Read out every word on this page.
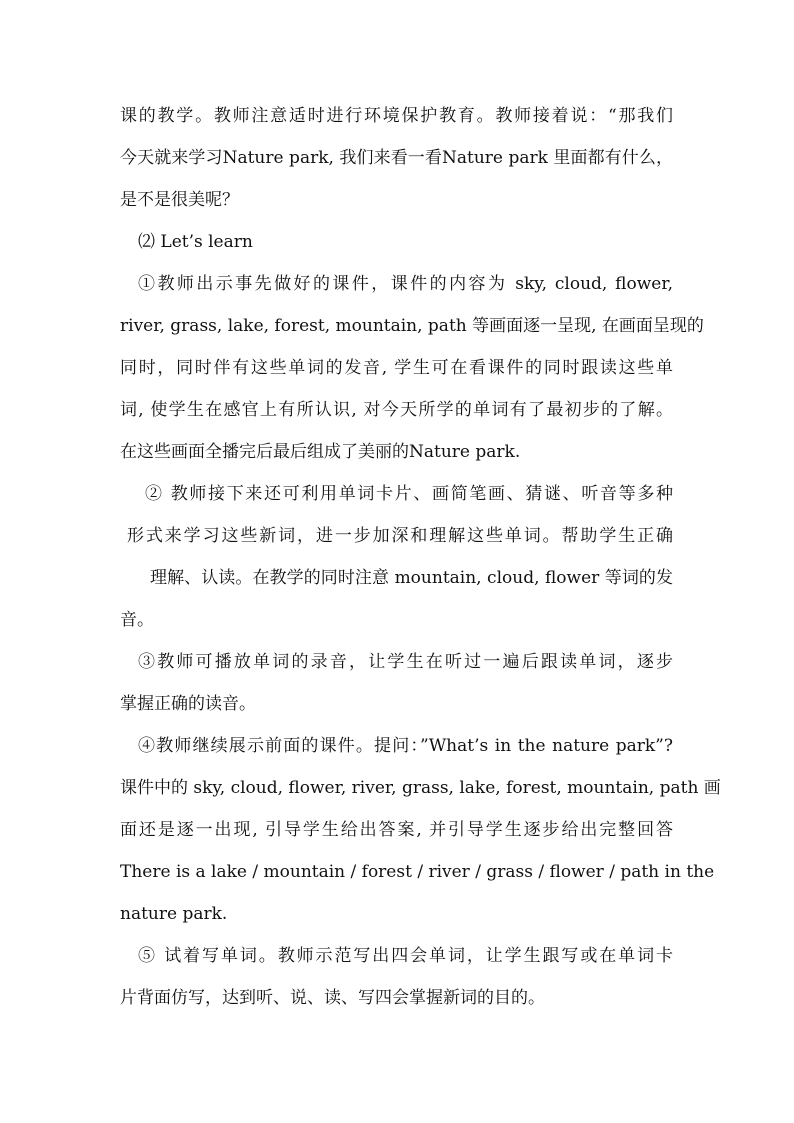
课的教学。教师注意适时进行环境保护教育。教师接着说：“那我们
今天就来学习Nature park, 我们来看一看Nature park 里面都有什么，
是不是很美呢？
⑵ Let’s learn
①教师出示事先做好的课件，课件的内容为 sky, cloud, flower,
river, grass, lake, forest, mountain, path 等画面逐一呈现, 在画面呈现的
同时，同时伴有这些单词的发音, 学生可在看课件的同时跟读这些单
词, 使学生在感官上有所认识, 对今天所学的单词有了最初步的了解。
在这些画面全播完后最后组成了美丽的Nature park.
② 教师接下来还可利用单词卡片、画简笔画、猜谜、听音等多种
形式来学习这些新词，进一步加深和理解这些单词。帮助学生正确
理解、认读。在教学的同时注意 mountain, cloud, flower 等词的发
音。
③教师可播放单词的录音，让学生在听过一遍后跟读单词，逐步
掌握正确的读音。
④教师继续展示前面的课件。提问：”What’s in the nature park”?
课件中的 sky, cloud, flower, river, grass, lake, forest, mountain, path 画
面还是逐一出现, 引导学生给出答案, 并引导学生逐步给出完整回答
There is a lake / mountain / forest / river / grass / flower / path in the
nature park.
⑤ 试着写单词。教师示范写出四会单词，让学生跟写或在单词卡
片背面仿写，达到听、说、读、写四会掌握新词的目的。
